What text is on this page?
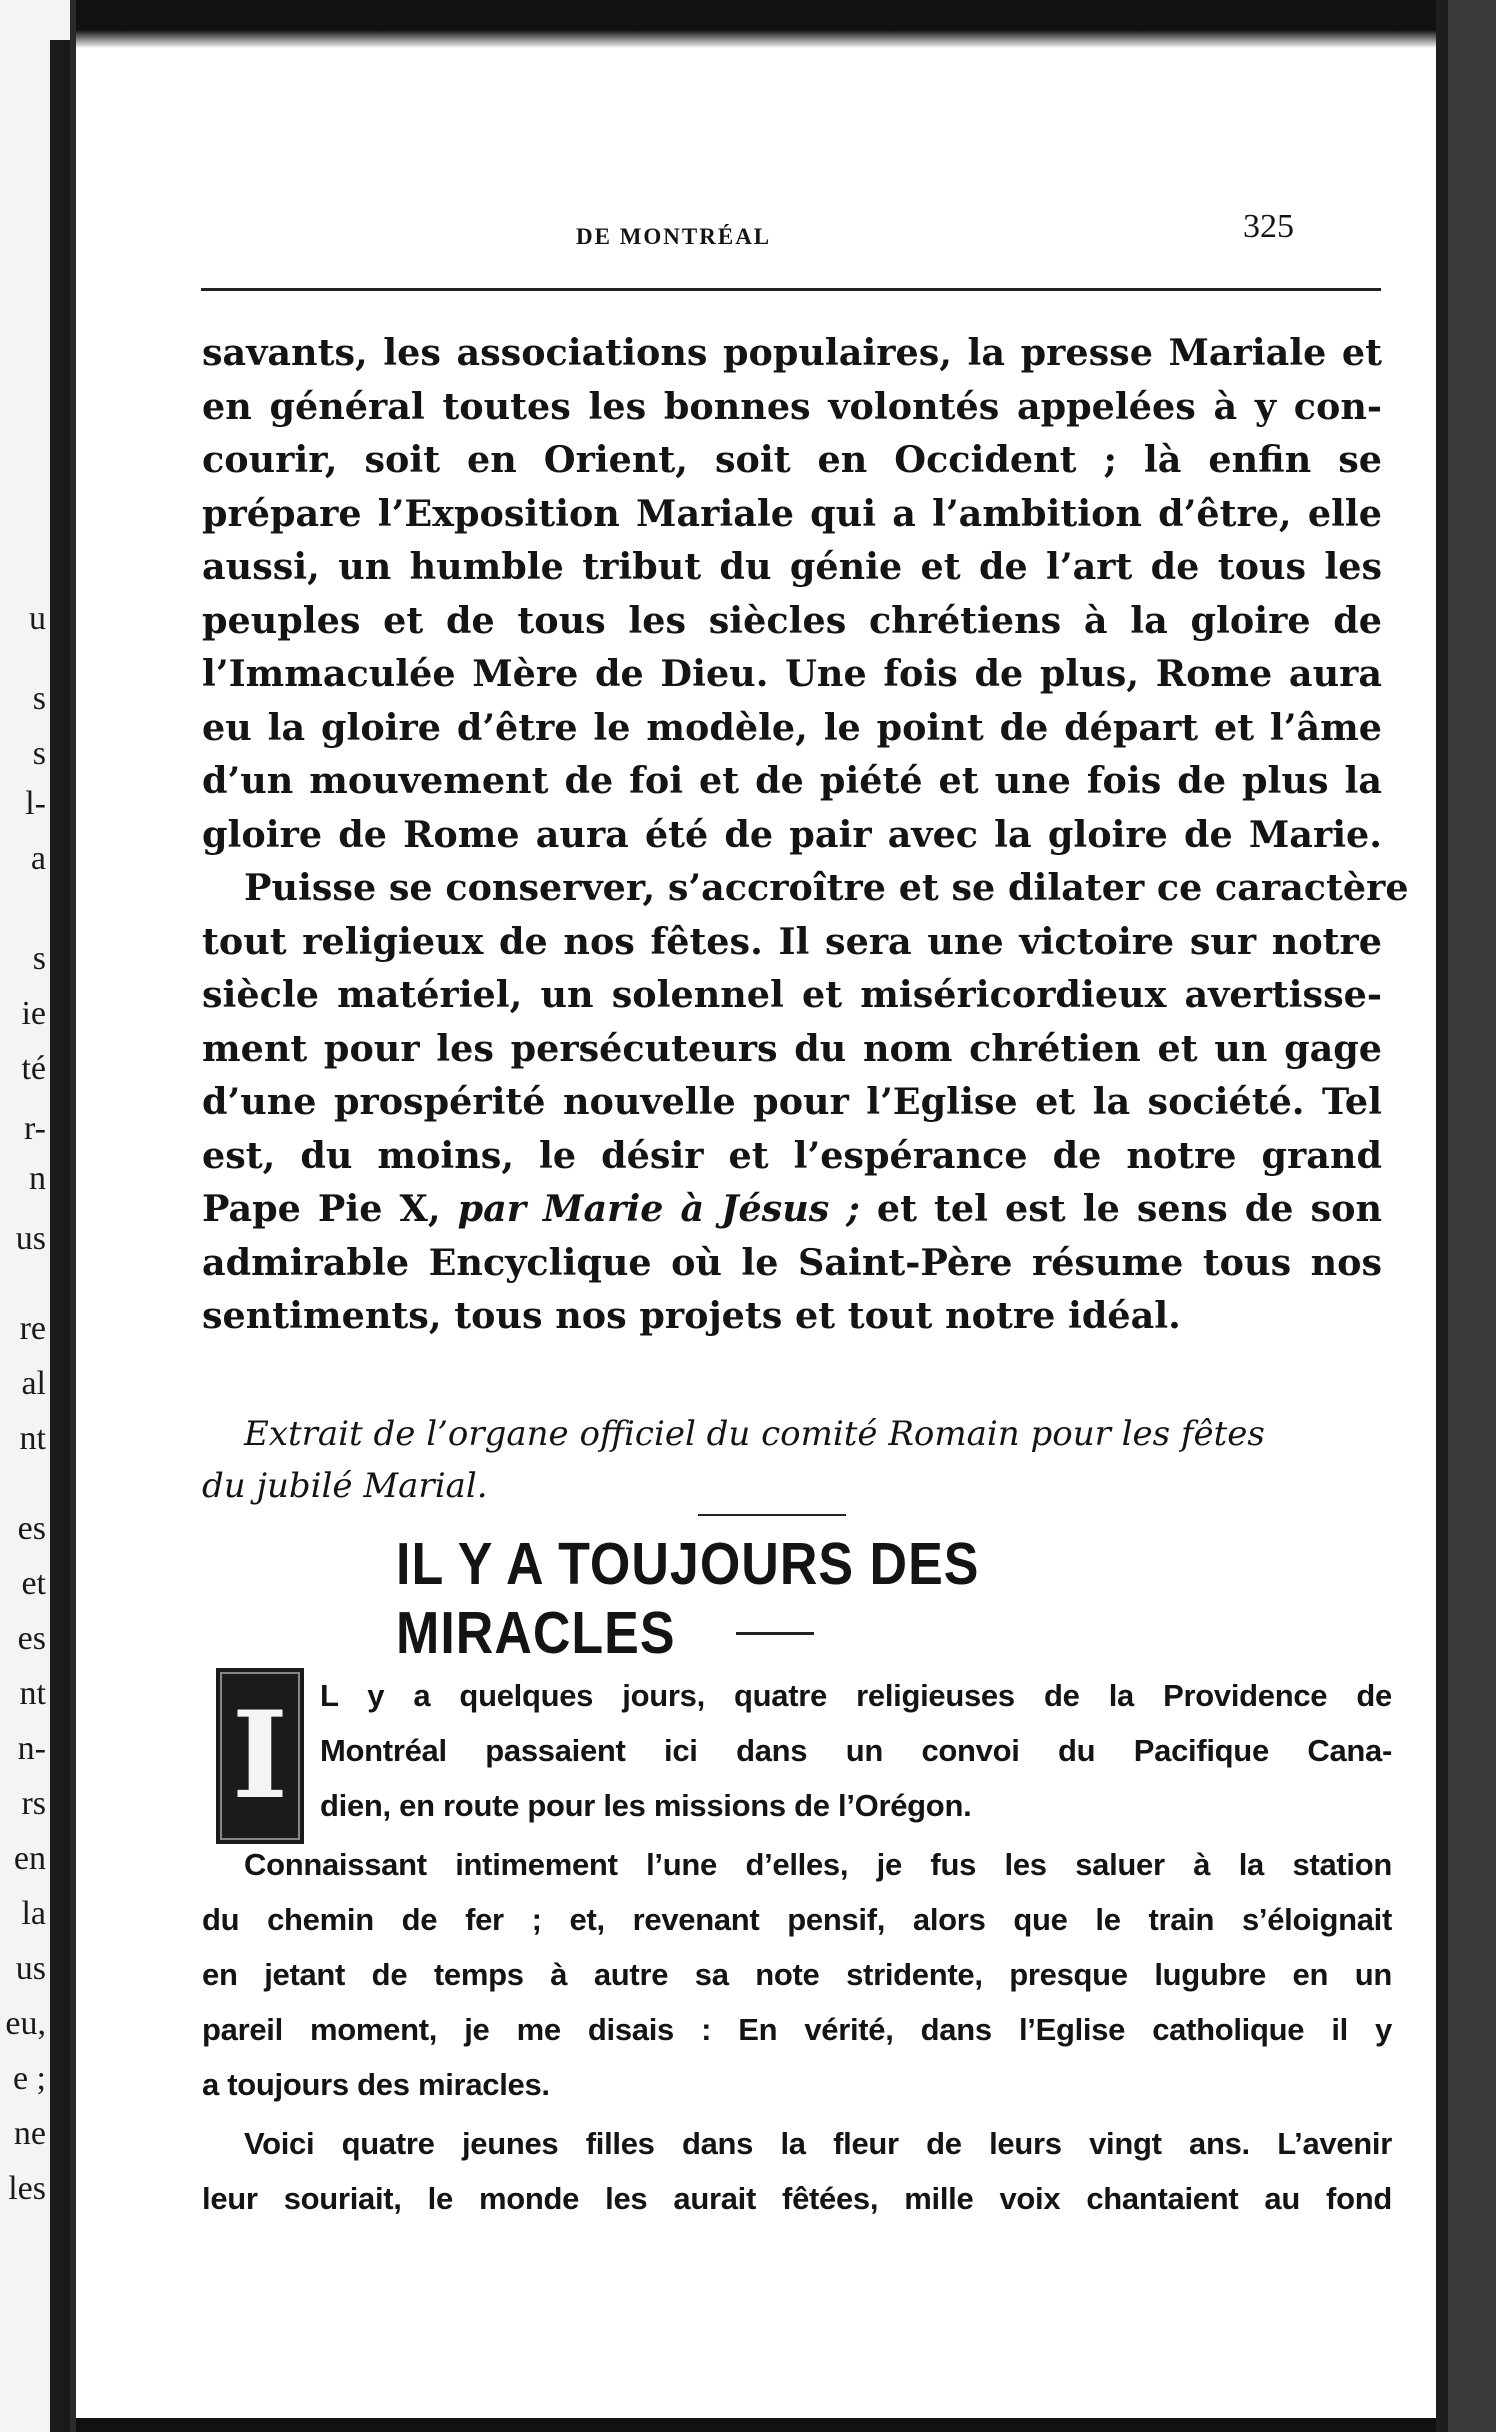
u
s
s
l-
a
s
ie
té
r-
n
us
re
al
nt
es
et
es
nt
n-
rs
en
la
us
eu,
e ;
ne
les
DE MONTRÉAL	325
savants, les associations populaires, la presse Mariale et
en général toutes les bonnes volontés appelées à y con-
courir, soit en Orient, soit en Occident ; là enfin se
prépare l’Exposition Mariale qui a l’ambition d’être, elle
aussi, un humble tribut du génie et de l’art de tous les
peuples et de tous les siècles chrétiens à la gloire de
l’Immaculée Mère de Dieu. Une fois de plus, Rome aura
eu la gloire d’être le modèle, le point de départ et l’âme
d’un mouvement de foi et de piété et une fois de plus la
gloire de Rome aura été de pair avec la gloire de Marie.
Puisse se conserver, s’accroître et se dilater ce caractère
tout religieux de nos fêtes. Il sera une victoire sur notre
siècle matériel, un solennel et miséricordieux avertisse-
ment pour les persécuteurs du nom chrétien et un gage
d’une prospérité nouvelle pour l’Eglise et la société. Tel
est, du moins, le désir et l’espérance de notre grand
Pape Pie X, par Marie à Jésus ; et tel est le sens de son
admirable Encyclique où le Saint-Père résume tous nos
sentiments, tous nos projets et tout notre idéal.
Extrait de l’organe officiel du comité Romain pour les fêtes
du jubilé Marial.
IL Y A TOUJOURS DES MIRACLES
I	L y a quelques jours, quatre religieuses de la Providence de
Montréal passaient ici dans un convoi du Pacifique Cana-
dien, en route pour les missions de l’Orégon.
Connaissant intimement l’une d’elles, je fus les saluer à la station
du chemin de fer ; et, revenant pensif, alors que le train s’éloignait
en jetant de temps à autre sa note stridente, presque lugubre en un
pareil moment, je me disais : En vérité, dans l’Eglise catholique il y
a toujours des miracles.
Voici quatre jeunes filles dans la fleur de leurs vingt ans. L’avenir
leur souriait, le monde les aurait fêtées, mille voix chantaient au fond
